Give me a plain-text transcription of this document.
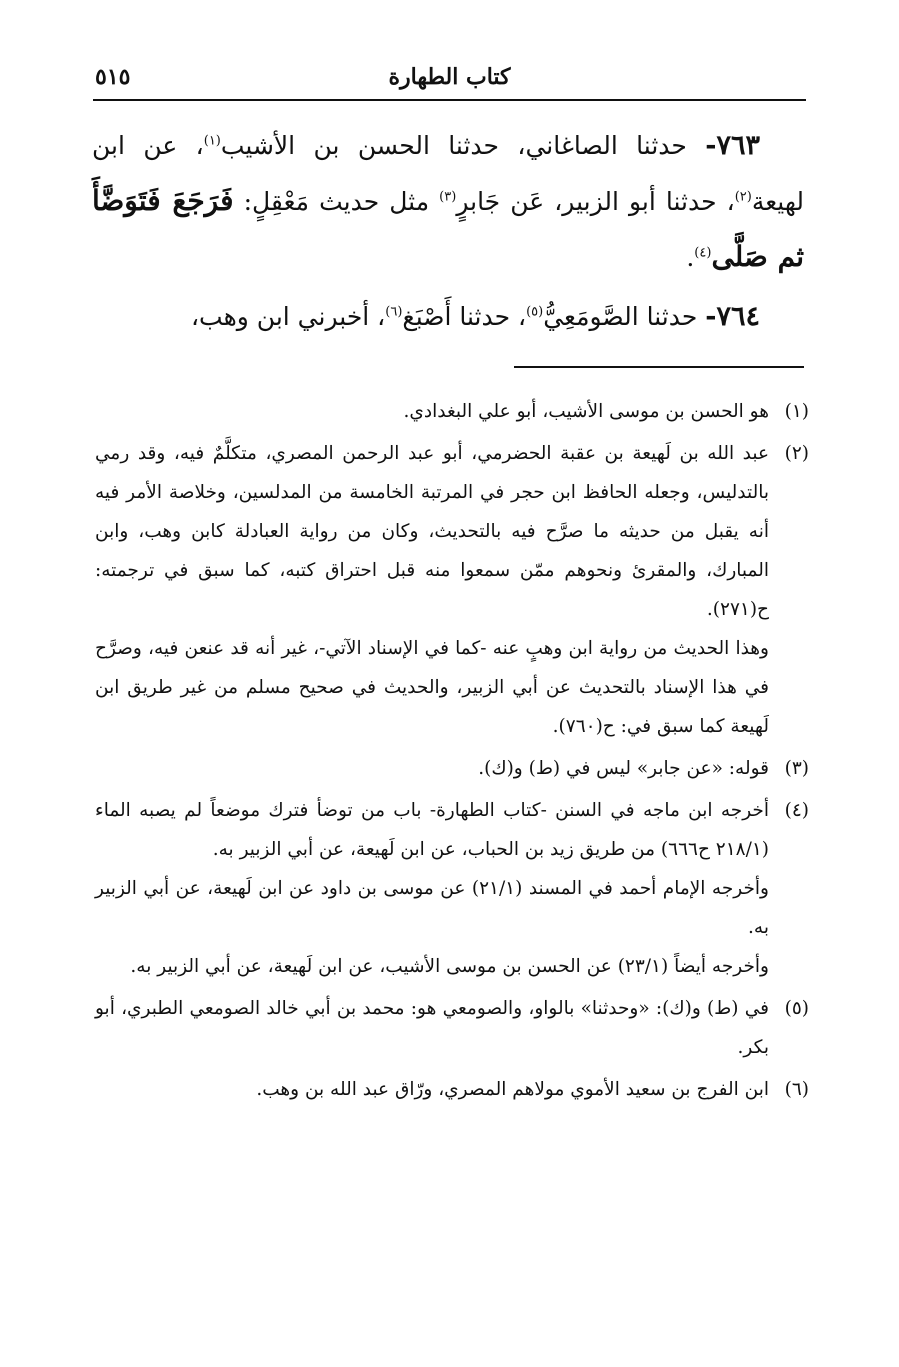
كتاب الطهارة
٥١٥

٧٦٣- حدثنا الصاغاني، حدثنا الحسن بن الأشيب$^{(١)}$، عن ابن لهيعة$^{(٢)}$، حدثنا أبو الزبير، عَن جَابرٍ$^{(٣)}$ مثل حديث مَعْقِلٍ: فَرَجَعَ فَتَوَضَّأَ ثم صَلَّى$^{(٤)}$.

٧٦٤- حدثنا الصَّومَعِيُّ$^{(٥)}$، حدثنا أَصْبَغ$^{(٦)}$، أخبرني ابن وهب،

(١)

هو الحسن بن موسى الأشيب، أبو علي البغدادي.

(٢)

عبد الله بن لَهيعة بن عقبة الحضرمي، أبو عبد الرحمن المصري، متكلَّمٌ فيه، وقد رمي بالتدليس، وجعله الحافظ ابن حجر في المرتبة الخامسة من المدلسين، وخلاصة الأمر فيه أنه يقبل من حديثه ما صرَّح فيه بالتحديث، وكان من رواية العبادلة كابن وهب، وابن المبارك، والمقرئ ونحوهم ممّن سمعوا منه قبل احتراق كتبه، كما سبق في ترجمته: ح(٢٧١).

وهذا الحديث من رواية ابن وهبٍ عنه -كما في الإسناد الآتي-، غير أنه قد عنعن فيه، وصرَّح في هذا الإسناد بالتحديث عن أبي الزبير، والحديث في صحيح مسلم من غير طريق ابن لَهيعة كما سبق في: ح(٧٦٠).

(٣)

قوله: «عن جابر» ليس في (ط) و(ك).

(٤)

أخرجه ابن ماجه في السنن -كتاب الطهارة- باب من توضأ فترك موضعاً لم يصبه الماء (٢١٨/١ ح٦٦٦) من طريق زيد بن الحباب، عن ابن لَهيعة، عن أبي الزبير به.

وأخرجه الإمام أحمد في المسند (٢١/١) عن موسى بن داود عن ابن لَهيعة، عن أبي الزبير به.

وأخرجه أيضاً (٢٣/١) عن الحسن بن موسى الأشيب، عن ابن لَهيعة، عن أبي الزبير به.

(٥)

في (ط) و(ك): «وحدثنا» بالواو، والصومعي هو: محمد بن أبي خالد الصومعي الطبري، أبو بكر.

(٦)

ابن الفرج بن سعيد الأموي مولاهم المصري، ورّاق عبد الله بن وهب.
